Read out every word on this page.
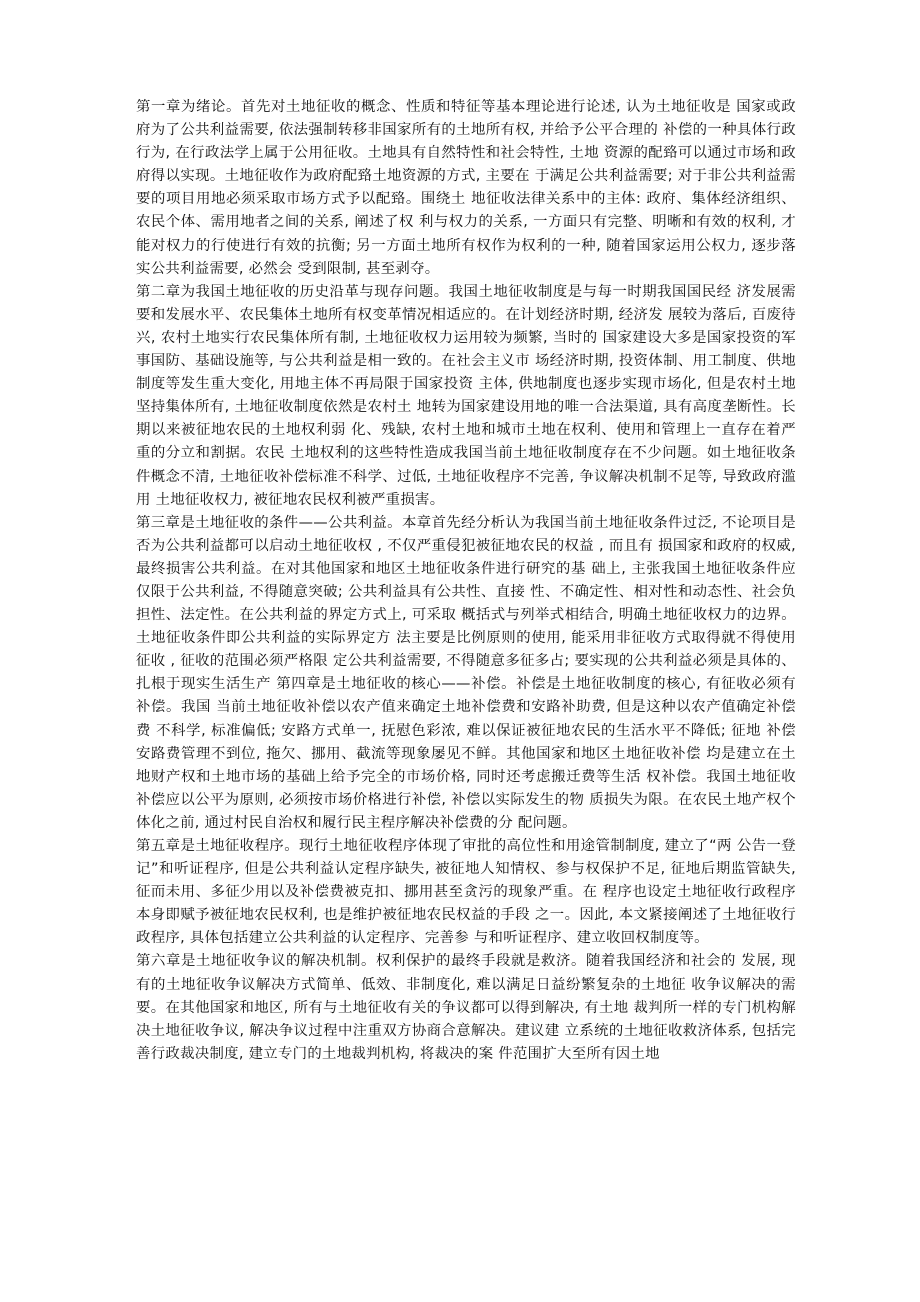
第一章为绪论。首先对土地征收的概念、性质和特征等基本理论进行论述, 认为土地征收是 国家或政府为了公共利益需要, 依法强制转移非国家所有的土地所有权, 并给予公平合理的 补偿的一种具体行政行为, 在行政法学上属于公用征收。土地具有自然特性和社会特性, 土地 资源的配臵可以通过市场和政府得以实现。土地征收作为政府配臵土地资源的方式, 主要在 于满足公共利益需要; 对于非公共利益需要的项目用地必须采取市场方式予以配臵。围绕土 地征收法律关系中的主体: 政府、集体经济组织、农民个体、需用地者之间的关系, 阐述了权 利与权力的关系, 一方面只有完整、明晰和有效的权利, 才能对权力的行使进行有效的抗衡; 另一方面土地所有权作为权利的一种, 随着国家运用公权力, 逐步落实公共利益需要, 必然会 受到限制, 甚至剥夺。

第二章为我国土地征收的历史沿革与现存问题。我国土地征收制度是与每一时期我国国民经 济发展需要和发展水平、农民集体土地所有权变革情况相适应的。在计划经济时期, 经济发 展较为落后, 百废待兴, 农村土地实行农民集体所有制, 土地征收权力运用较为频繁, 当时的 国家建设大多是国家投资的军事国防、基础设施等, 与公共利益是相一致的。在社会主义市 场经济时期, 投资体制、用工制度、供地制度等发生重大变化, 用地主体不再局限于国家投资 主体, 供地制度也逐步实现市场化, 但是农村土地坚持集体所有, 土地征收制度依然是农村土 地转为国家建设用地的唯一合法渠道, 具有高度垄断性。长期以来被征地农民的土地权利弱 化、残缺, 农村土地和城市土地在权利、使用和管理上一直存在着严重的分立和割据。农民 土地权利的这些特性造成我国当前土地征收制度存在不少问题。如土地征收条件概念不清, 土地征收补偿标准不科学、过低, 土地征收程序不完善, 争议解决机制不足等, 导致政府滥用 土地征收权力, 被征地农民权利被严重损害。

第三章是土地征收的条件——公共利益。本章首先经分析认为我国当前土地征收条件过泛, 不论项目是否为公共利益都可以启动土地征收权 , 不仅严重侵犯被征地农民的权益 , 而且有 损国家和政府的权威, 最终损害公共利益。在对其他国家和地区土地征收条件进行研究的基 础上, 主张我国土地征收条件应仅限于公共利益, 不得随意突破; 公共利益具有公共性、直接 性、不确定性、相对性和动态性、社会负担性、法定性。在公共利益的界定方式上, 可采取 概括式与列举式相结合, 明确土地征收权力的边界。土地征收条件即公共利益的实际界定方 法主要是比例原则的使用, 能采用非征收方式取得就不得使用征收 , 征收的范围必须严格限 定公共利益需要, 不得随意多征多占; 要实现的公共利益必须是具体的、扎根于现实生活生产 第四章是土地征收的核心——补偿。补偿是土地征收制度的核心, 有征收必须有补偿。我国 当前土地征收补偿以农产值来确定土地补偿费和安路补助费, 但是这种以农产值确定补偿费 不科学, 标准偏低; 安路方式单一, 抚慰色彩浓, 难以保证被征地农民的生活水平不降低; 征地 补偿安路费管理不到位, 拖欠、挪用、截流等现象屡见不鲜。其他国家和地区土地征收补偿 均是建立在土地财产权和土地市场的基础上给予完全的市场价格, 同时还考虑搬迁费等生活 权补偿。我国土地征收补偿应以公平为原则, 必须按市场价格进行补偿, 补偿以实际发生的物 质损失为限。在农民土地产权个体化之前, 通过村民自治权和履行民主程序解决补偿费的分 配问题。

第五章是土地征收程序。现行土地征收程序体现了审批的高位性和用途管制制度, 建立了“两 公告一登记”和听证程序, 但是公共利益认定程序缺失, 被征地人知情权、参与权保护不足, 征地后期监管缺失, 征而未用、多征少用以及补偿费被克扣、挪用甚至贪污的现象严重。在 程序也设定土地征收行政程序本身即赋予被征地农民权利, 也是维护被征地农民权益的手段 之一。因此, 本文紧接阐述了土地征收行政程序, 具体包括建立公共利益的认定程序、完善参 与和听证程序、建立收回权制度等。

第六章是土地征收争议的解决机制。权利保护的最终手段就是救济。随着我国经济和社会的 发展, 现有的土地征收争议解决方式简单、低效、非制度化, 难以满足日益纷繁复杂的土地征 收争议解决的需要。在其他国家和地区, 所有与土地征收有关的争议都可以得到解决, 有土地 裁判所一样的专门机构解决土地征收争议, 解决争议过程中注重双方协商合意解决。建议建 立系统的土地征收救济体系, 包括完善行政裁决制度, 建立专门的土地裁判机构, 将裁决的案 件范围扩大至所有因土地
